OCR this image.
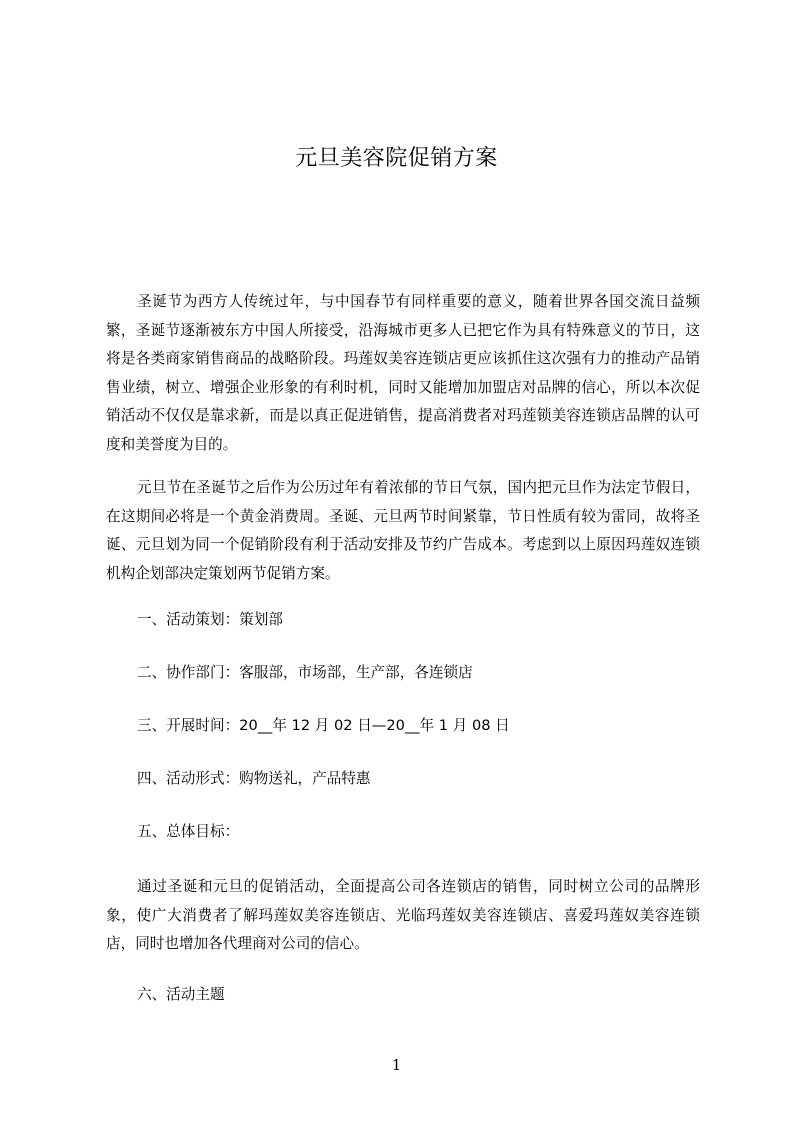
元旦美容院促销方案

圣诞节为西方人传统过年，与中国春节有同样重要的意义，随着世界各国交流日益频繁，圣诞节逐渐被东方中国人所接受，沿海城市更多人已把它作为具有特殊意义的节日，这将是各类商家销售商品的战略阶段。玛莲奴美容连锁店更应该抓住这次强有力的推动产品销售业绩，树立、增强企业形象的有利时机，同时又能增加加盟店对品牌的信心，所以本次促销活动不仅仅是靠求新，而是以真正促进销售，提高消费者对玛莲锁美容连锁店品牌的认可度和美誉度为目的。

元旦节在圣诞节之后作为公历过年有着浓郁的节日气氛，国内把元旦作为法定节假日，在这期间必将是一个黄金消费周。圣诞、元旦两节时间紧靠，节日性质有较为雷同，故将圣诞、元旦划为同一个促销阶段有利于活动安排及节约广告成本。考虑到以上原因玛莲奴连锁机构企划部决定策划两节促销方案。

一、活动策划：策划部

二、协作部门：客服部，市场部，生产部，各连锁店

三、开展时间：20__年 12 月 02 日—20__年 1 月 08 日

四、活动形式：购物送礼，产品特惠

五、总体目标：

通过圣诞和元旦的促销活动，全面提高公司各连锁店的销售，同时树立公司的品牌形象，使广大消费者了解玛莲奴美容连锁店、光临玛莲奴美容连锁店、喜爱玛莲奴美容连锁店，同时也增加各代理商对公司的信心。

六、活动主题

1
